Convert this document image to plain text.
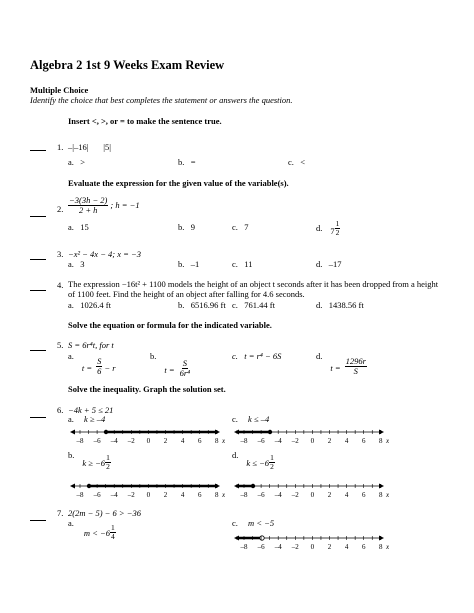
Algebra 2 1st 9 Weeks Exam Review
Multiple Choice
Identify the choice that best completes the statement or answers the question.
Insert <, >, or = to make the sentence true.
1. –|–16|       |5|
a.   >	b.   =	c.   <
Evaluate the expression for the given value of the variable(s).
2. $\frac{-3(3h - 2)}{2 + h}$ ; h = −1
a.   15	b.   9	c.   7	d. $7 \frac{1}{2}$
3. −x² − 4x − 4; x = −3
a.   3	b.   –1	c.   11	d.   –17
4. The expression −16t² + 1100 models the height of an object t seconds after it has been dropped from a height
of 1100 feet. Find the height of an object after falling for 4.6 seconds.
a.   1026.4 ft	b.   6516.96 ft c.   761.44 ft	d.   1438.56 ft
Solve the equation or formula for the indicated variable.
5. S = 6r⁴t, for t
a.
$t = \frac{S}{6} - r$
b.
$t = \frac{S}{\text{6r⁴}}$
c.   t = r⁴ − 6S	d.
$t = \frac{1296r}{S}$
Solve the inequality. Graph the solution set.
6. −4k + 5 ≤ 21
a. k ≥ –4	c. k ≤ –4
–8 –6 –4 –2 0 2 4 6 8 x –8 –6 –4 –2 0 2 4 6 8 x
b.
$k \ge -6 \frac{1}{2}$	d.
$k \le -6 \frac{1}{2}$
–8 –6 –4 –2 0 2 4 6 8 x –8 –6 –4 –2 0 2 4 6 8 x
7. 2(2m − 5) − 6 > −36
a.
$m < -6 \frac{1}{4}$
c. m < −5
–8 –6 –4 –2 0 2 4 6 8 x
